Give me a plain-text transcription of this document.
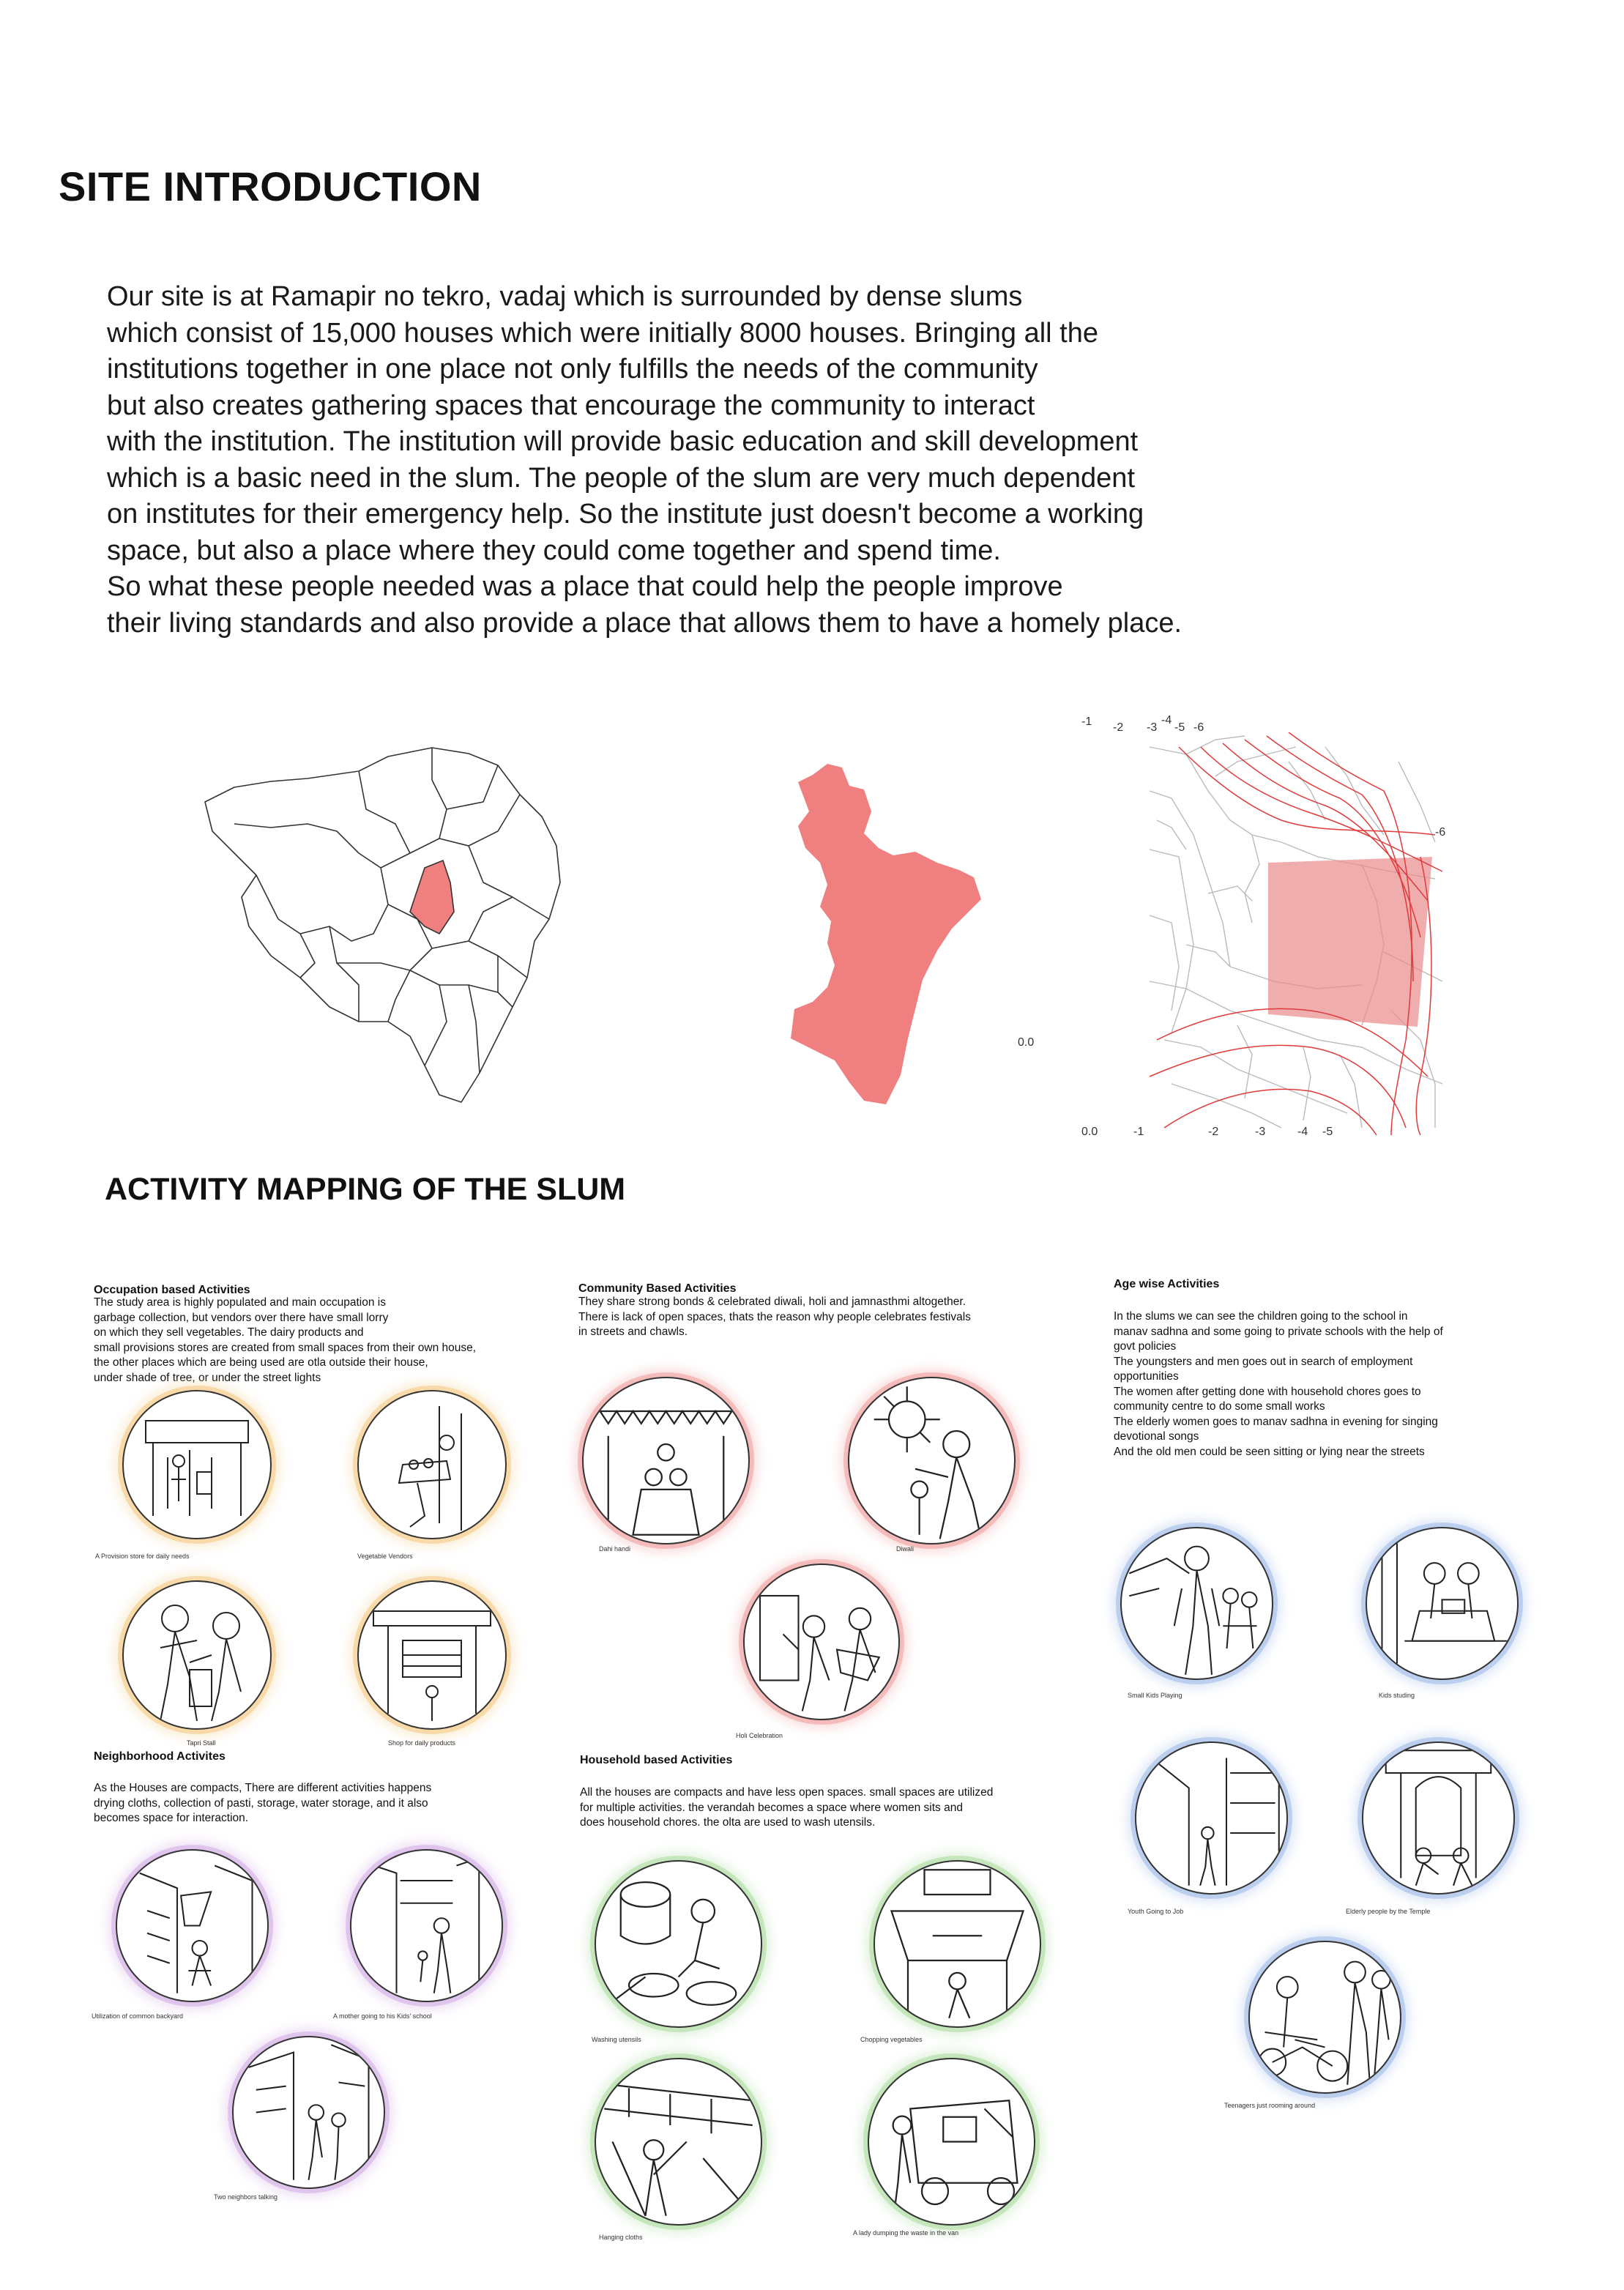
SITE INTRODUCTION
Our site is at Ramapir no tekro, vadaj which is surrounded by dense slums
which consist of 15,000 houses which were initially 8000 houses. Bringing all the
institutions together in one place not only fulfills the needs of the community
but also creates gathering spaces that encourage the community to interact
with the institution. The institution will provide basic education and skill development
which is a basic need in the slum. The people of the slum are very much dependent
on institutes for their emergency help. So the institute just doesn't become a working
space, but also a place where they could come together and spend time.
So what these people needed was a place that could help the people improve
their living standards and also provide a place that allows them to have a homely place.
0.0
-1 -2 -3
-4
-5 -6
-6
0.0	-1	-2	-3	-4 -5
ACTIVITY MAPPING OF THE SLUM
Occupation based Activities
The study area is highly populated and main occupation is
garbage collection, but vendors over there have small lorry
on which they sell vegetables. The dairy products and
small provisions stores are created from small spaces from their own house,
the other places which are being used are otla outside their house,
under shade of tree, or under the street lights
Community Based Activities
They share strong bonds & celebrated diwali, holi and jamnasthmi altogether.
There is lack of open spaces, thats the reason why people celebrates festivals
in streets and chawls.
Age wise Activities
In the slums we can see the children going to the school in
manav sadhna and some going to private schools with the help of
govt policies
The youngsters and men goes out in search of employment
opportunities
The women after getting done with household chores goes to
community centre to do some small works
The elderly women goes to manav sadhna in evening for singing
devotional songs
And the old men could be seen sitting or lying near the streets
Neighborhood Activites
As the Houses are compacts, There are different activities happens
drying cloths, collection of pasti, storage, water storage, and it also
becomes space for interaction.
Household based Activities
All the houses are compacts and have less open spaces. small spaces are utilized
for multiple activities. the verandah becomes a space where women sits and
does household chores. the olta are used to wash utensils.
A Provision store for daily needs	Vegetable Vendors
Tapri Stall	Shop for daily products
Dahi handi	Diwali
Holi Celebration
Small Kids Playing	Kids studing
Youth Going to Job	Elderly people by the Temple
Teenagers just rooming around
Utilization of common backyard	A mother going to his Kids' school
Two neighbors talking
Washing utensils	Chopping vegetables
Hanging cloths
A lady dumping the waste in the van
